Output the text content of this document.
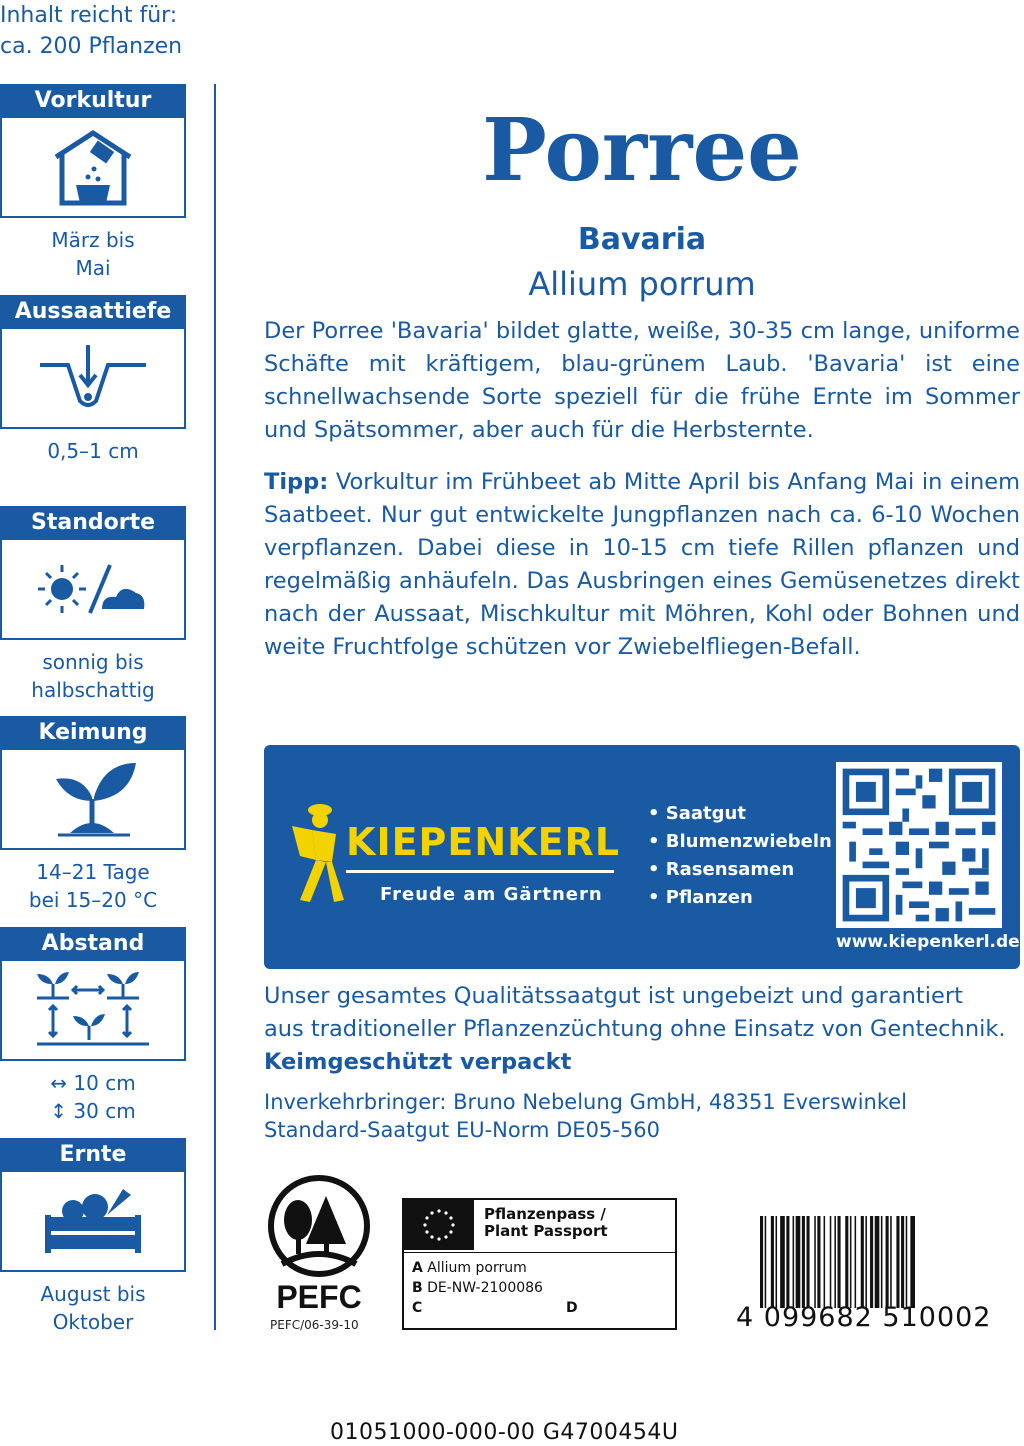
Inhalt reicht für:
ca. 200 Pflanzen
Vorkultur
März bis
Mai
Aussaattiefe
0,5–1 cm
Standorte
sonnig bis
halbschattig
Keimung
14–21 Tage
bei 15–20 °C
Abstand
↔ 10 cm
↕ 30 cm
Ernte
August bis
Oktober
Porree
Bavaria
Allium porrum
Der Porree 'Bavaria' bildet glatte, weiße, 30-35 cm lange, uniforme Schäfte mit kräftigem, blau-grünem Laub. 'Bavaria' ist eine schnellwachsende Sorte speziell für die frühe Ernte im Sommer und Spätsommer, aber auch für die Herbsternte.
Tipp: Vorkultur im Frühbeet ab Mitte April bis Anfang Mai in einem Saatbeet. Nur gut entwickelte Jungpflanzen nach ca. 6-10 Wochen verpflanzen. Dabei diese in 10-15 cm tiefe Rillen pflanzen und regelmäßig anhäufeln. Das Ausbringen eines Gemüsenetzes direkt nach der Aussaat, Mischkultur mit Möhren, Kohl oder Bohnen und weite Fruchtfolge schützen vor Zwiebelfliegen-Befall.
KIEPENKERL
Freude am Gärtnern
• Saatgut
• Blumenzwiebeln
• Rasensamen
• Pflanzen
www.kiepenkerl.de
Unser gesamtes Qualitätssaatgut ist ungebeizt und garantiert
aus traditioneller Pflanzenzüchtung ohne Einsatz von Gentechnik.
Keimgeschützt verpackt
Inverkehrbringer: Bruno Nebelung GmbH, 48351 Everswinkel
Standard-Saatgut EU-Norm DE05-560
PEFC
PEFC/06-39-10
Pflanzenpass /
Plant Passport
A Allium porrum
B DE-NW-2100086
C	D	4 099682 510002
01051000-000-00 G4700454U
